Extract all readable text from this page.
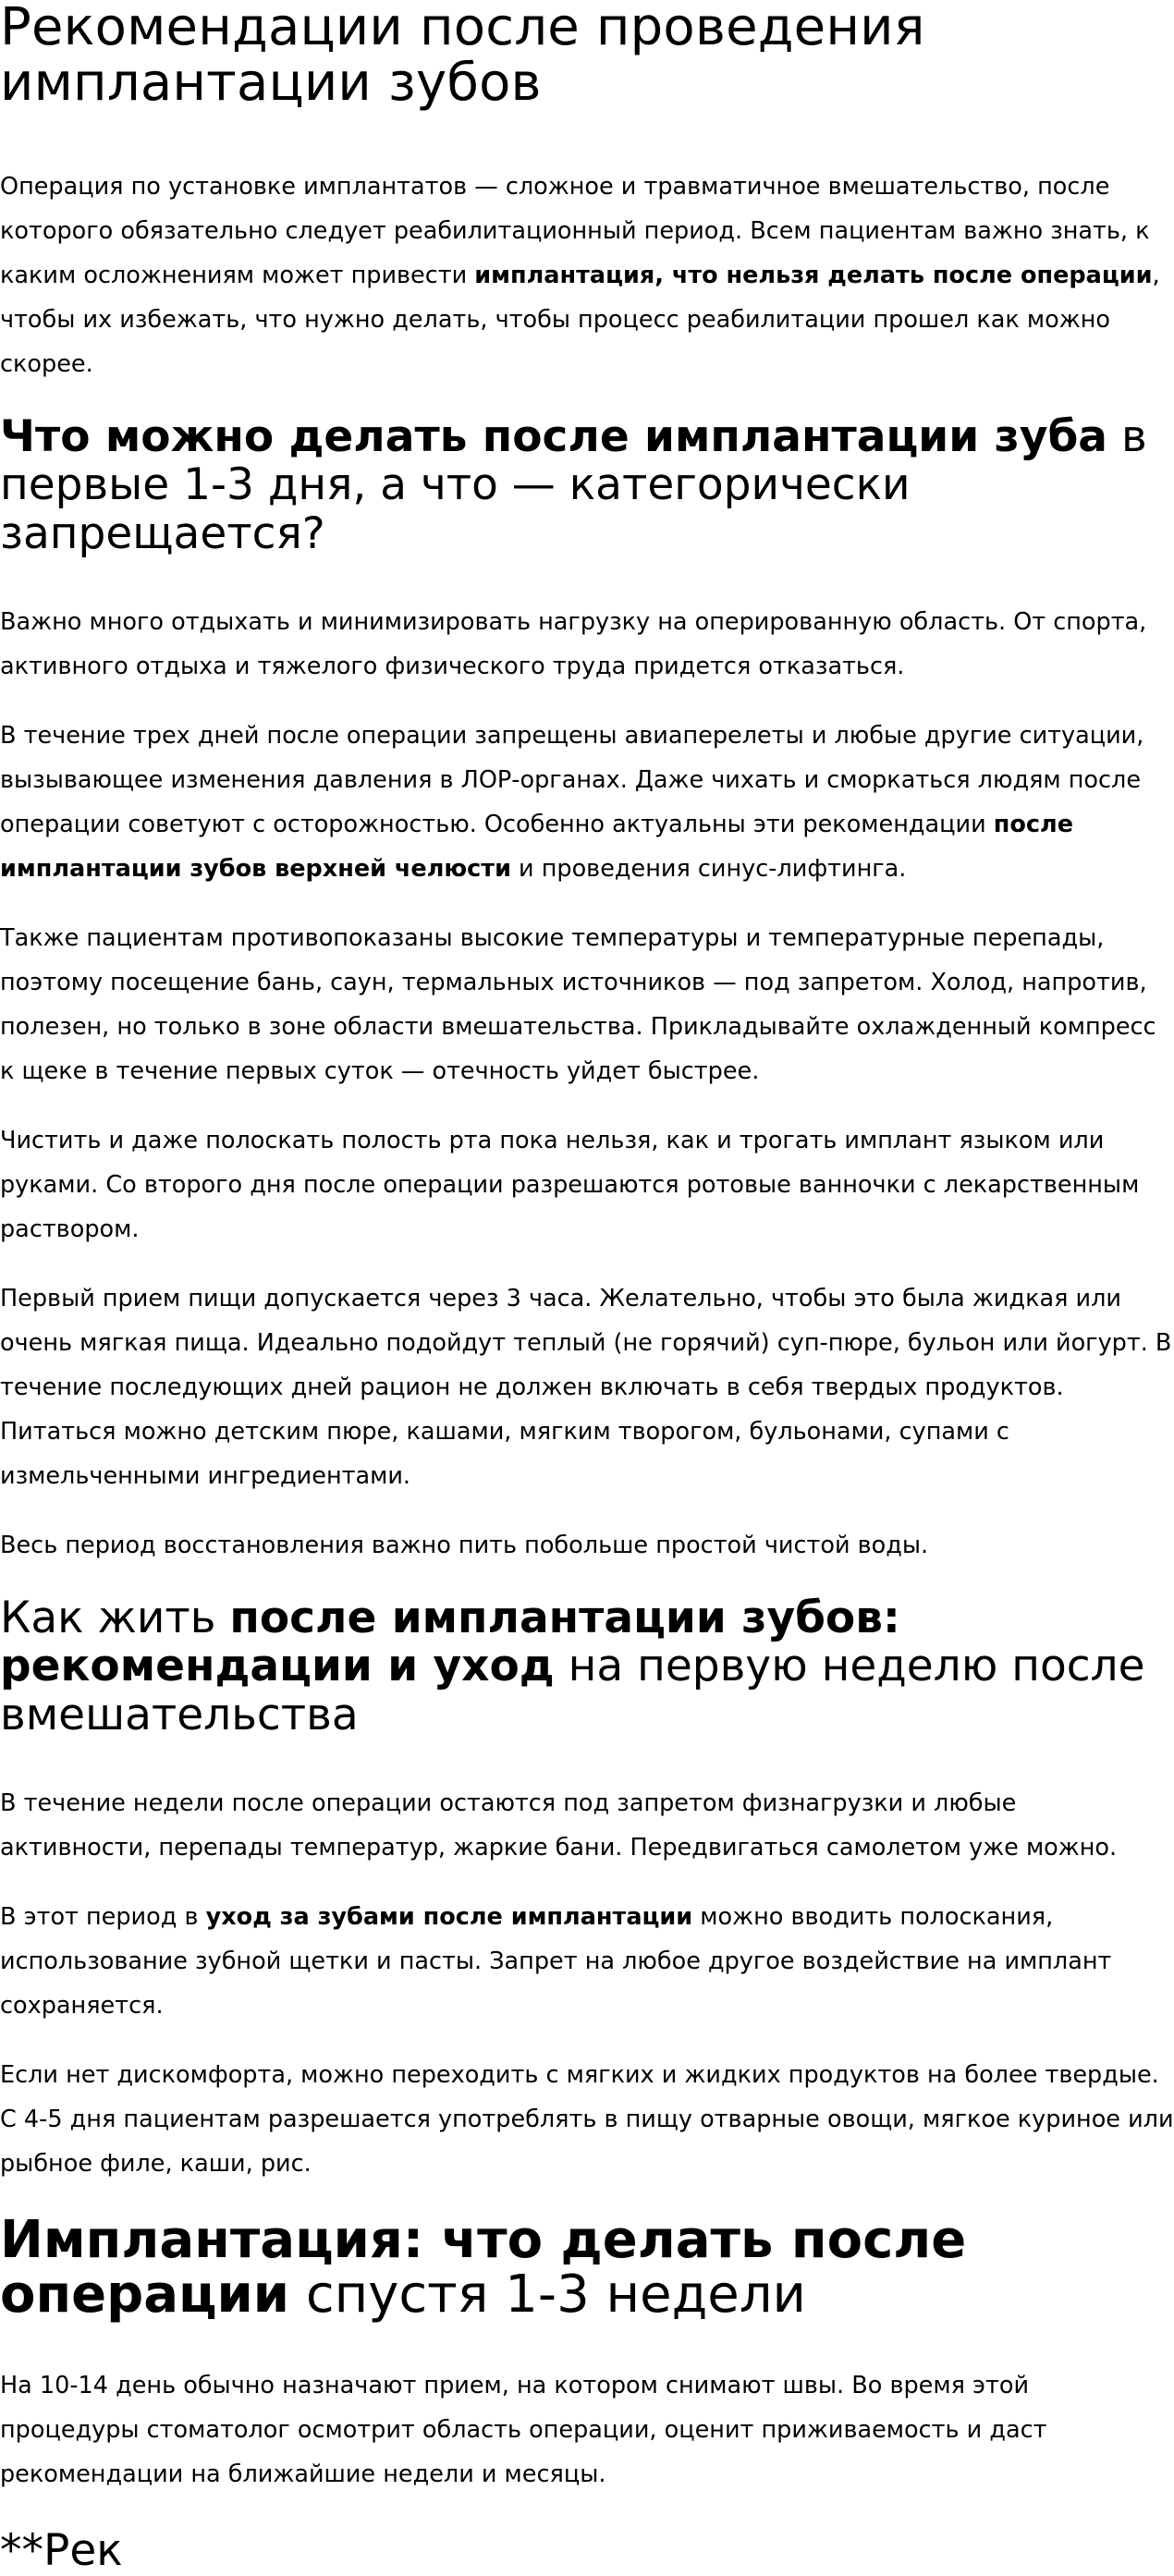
Рекомендации после проведения имплантации зубов

Операция по установке имплантатов — сложное и травматичное вмешательство, после которого обязательно следует реабилитационный период. Всем пациентам важно знать, к каким осложнениям может привести имплантация, что нельзя делать после операции, чтобы их избежать, что нужно делать, чтобы процесс реабилитации прошел как можно скорее.

Что можно делать после имплантации зуба в первые 1-3 дня, а что — категорически запрещается?

Важно много отдыхать и минимизировать нагрузку на оперированную область. От спорта, активного отдыха и тяжелого физического труда придется отказаться.

В течение трех дней после операции запрещены авиаперелеты и любые другие ситуации, вызывающее изменения давления в ЛОР-органах. Даже чихать и сморкаться людям после операции советуют с осторожностью. Особенно актуальны эти рекомендации после имплантации зубов верхней челюсти и проведения синус-лифтинга.

Также пациентам противопоказаны высокие температуры и температурные перепады, поэтому посещение бань, саун, термальных источников — под запретом. Холод, напротив, полезен, но только в зоне области вмешательства. Прикладывайте охлажденный компресс к щеке в течение первых суток — отечность уйдет быстрее.

Чистить и даже полоскать полость рта пока нельзя, как и трогать имплант языком или руками. Со второго дня после операции разрешаются ротовые ванночки с лекарственным раствором.

Первый прием пищи допускается через 3 часа. Желательно, чтобы это была жидкая или очень мягкая пища. Идеально подойдут теплый (не горячий) суп-пюре, бульон или йогурт. В течение последующих дней рацион не должен включать в себя твердых продуктов. Питаться можно детским пюре, кашами, мягким творогом, бульонами, супами с измельченными ингредиентами.

Весь период восстановления важно пить побольше простой чистой воды.

Как жить после имплантации зубов: рекомендации и уход на первую неделю после вмешательства

В течение недели после операции остаются под запретом физнагрузки и любые активности, перепады температур, жаркие бани. Передвигаться самолетом уже можно.

В этот период в уход за зубами после имплантации можно вводить полоскания, использование зубной щетки и пасты. Запрет на любое другое воздействие на имплант сохраняется.

Если нет дискомфорта, можно переходить с мягких и жидких продуктов на более твердые. С 4-5 дня пациентам разрешается употреблять в пищу отварные овощи, мягкое куриное или рыбное филе, каши, рис.

Имплантация: что делать после операции спустя 1-3 недели

На 10-14 день обычно назначают прием, на котором снимают швы. Во время этой процедуры стоматолог осмотрит область операции, оценит приживаемость и даст рекомендации на ближайшие недели и месяцы.

**Рек
